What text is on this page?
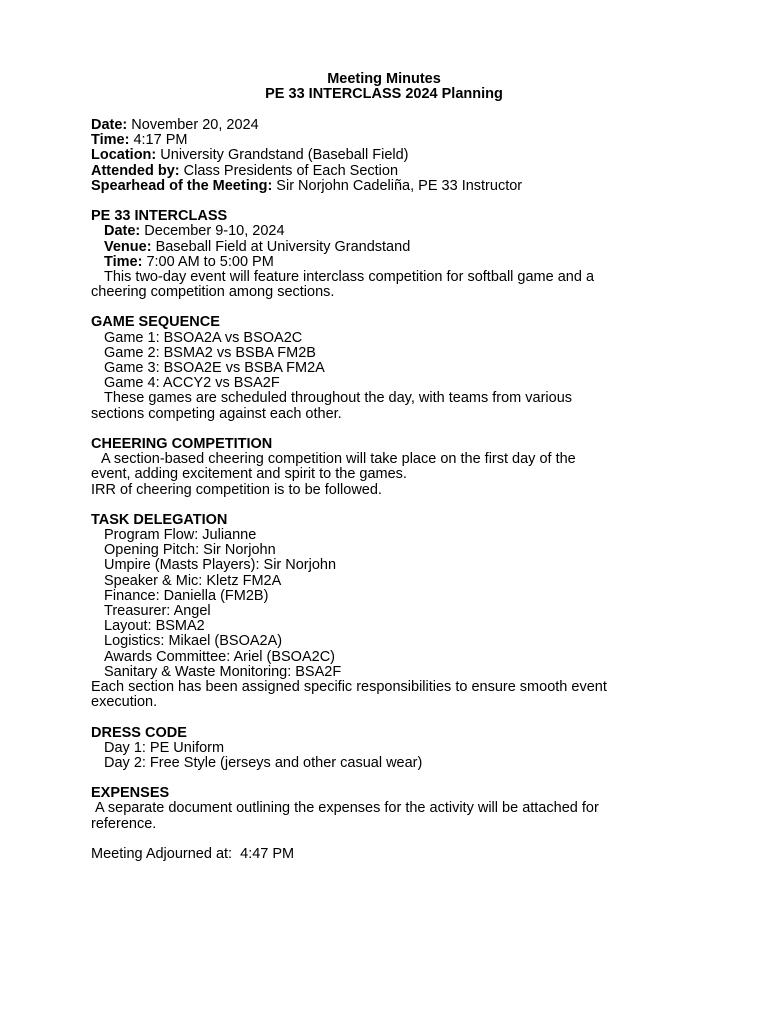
Meeting Minutes
PE 33 INTERCLASS 2024 Planning
Date: November 20, 2024
Time: 4:17 PM
Location: University Grandstand (Baseball Field)
Attended by: Class Presidents of Each Section
Spearhead of the Meeting: Sir Norjohn Cadeliña, PE 33 Instructor
PE 33 INTERCLASS
Date: December 9-10, 2024
Venue: Baseball Field at University Grandstand
Time: 7:00 AM to 5:00 PM
This two-day event will feature interclass competition for softball game and a
cheering competition among sections.
GAME SEQUENCE
Game 1: BSOA2A vs BSOA2C
Game 2: BSMA2 vs BSBA FM2B
Game 3: BSOA2E vs BSBA FM2A
Game 4: ACCY2 vs BSA2F
These games are scheduled throughout the day, with teams from various
sections competing against each other.
CHEERING COMPETITION
A section-based cheering competition will take place on the first day of the
event, adding excitement and spirit to the games.
IRR of cheering competition is to be followed.
TASK DELEGATION
Program Flow: Julianne
Opening Pitch: Sir Norjohn
Umpire (Masts Players): Sir Norjohn
Speaker & Mic: Kletz FM2A
Finance: Daniella (FM2B)
Treasurer: Angel
Layout: BSMA2
Logistics: Mikael (BSOA2A)
Awards Committee: Ariel (BSOA2C)
Sanitary & Waste Monitoring: BSA2F
Each section has been assigned specific responsibilities to ensure smooth event
execution.
DRESS CODE
Day 1: PE Uniform
Day 2: Free Style (jerseys and other casual wear)
EXPENSES
A separate document outlining the expenses for the activity will be attached for
reference.
Meeting Adjourned at:  4:47 PM
